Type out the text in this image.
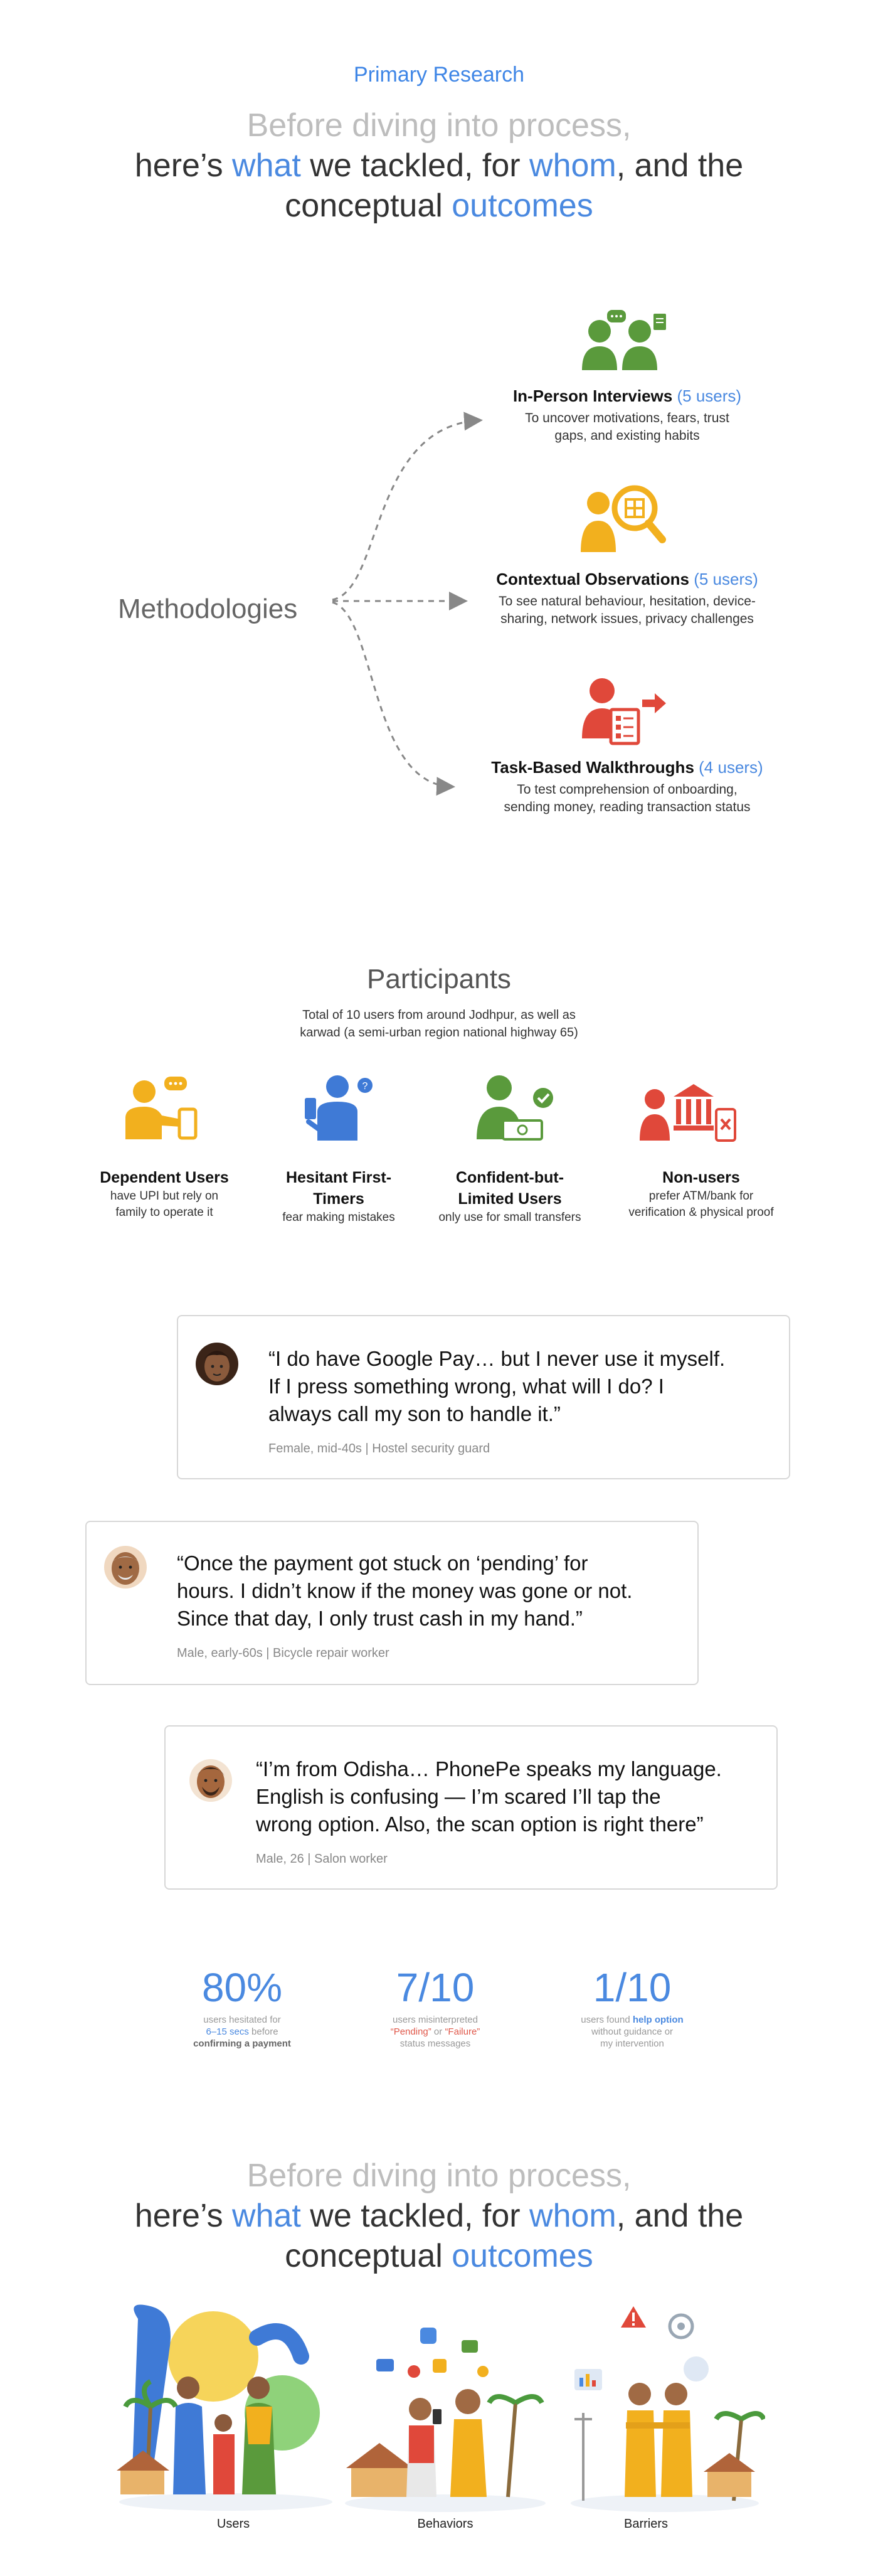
Primary Research
Before diving into process,
here’s what we tackled, for whom, and the
conceptual outcomes
Methodologies
In-Person Interviews (5 users)
To uncover motivations, fears, trust
gaps, and existing habits
Contextual Observations (5 users)
To see natural behaviour, hesitation, device-
sharing, network issues, privacy challenges
Task-Based Walkthroughs (4 users)
To test comprehension of onboarding,
sending money, reading transaction status
Participants
Total of 10 users from around Jodhpur, as well as
karwad (a semi-urban region national highway 65)
?
Dependent Users
have UPI but rely on
family to operate it
Hesitant First-
Timers
fear making mistakes
Confident-but-
Limited Users
only use for small transfers
Non-users
prefer ATM/bank for
verification & physical proof
“I do have Google Pay… but I never use it myself.
If I press something wrong, what will I do? I
always call my son to handle it.”
Female, mid-40s | Hostel security guard
“Once the payment got stuck on ‘pending’ for
hours. I didn’t know if the money was gone or not.
Since that day, I only trust cash in my hand.”
Male, early-60s | Bicycle repair worker
“I’m from Odisha… PhonePe speaks my language.
English is confusing — I’m scared I’ll tap the
wrong option. Also, the scan option is right there”
Male, 26 | Salon worker
80%
users hesitated for
6–15 secs before
confirming a payment
7/10
users misinterpreted
“Pending” or “Failure”
status messages
1/10
users found help option
without guidance or
my intervention
Before diving into process,
here’s what we tackled, for whom, and the
conceptual outcomes
Users	Behaviors	Barriers
